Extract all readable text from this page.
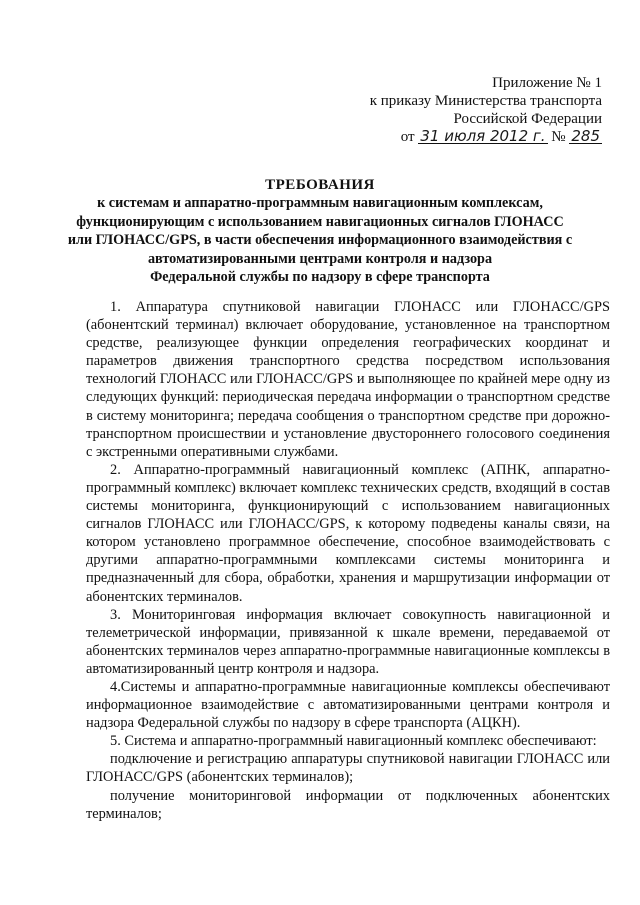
Приложение № 1
к приказу Министерства транспорта
Российской Федерации
от 31 июля 2012 г. № 285
ТРЕБОВАНИЯ
к системам и аппаратно-программным навигационным комплексам,
функционирующим с использованием навигационных сигналов ГЛОНАСС
или ГЛОНАСС/GPS, в части обеспечения информационного взаимодействия с
автоматизированными центрами контроля и надзора
Федеральной службы по надзору в сфере транспорта

1. Аппаратура спутниковой навигации ГЛОНАСС или ГЛОНАСС/GPS (абонентский терминал) включает оборудование, установленное на транспортном средстве, реализующее функции определения географических координат и параметров движения транспортного средства посредством использования технологий ГЛОНАСС или ГЛОНАСС/GPS и выполняющее по крайней мере одну из следующих функций: периодическая передача информации о транспортном средстве в систему мониторинга; передача сообщения о транспортном средстве при дорожно-транспортном происшествии и установление двустороннего голосового соединения с экстренными оперативными службами.

2. Аппаратно-программный навигационный комплекс (АПНК, аппаратно-программный комплекс) включает комплекс технических средств, входящий в состав системы мониторинга, функционирующий с использованием навигационных сигналов ГЛОНАСС или ГЛОНАСС/GPS, к которому подведены каналы связи, на котором установлено программное обеспечение, способное взаимодействовать с другими аппаратно-программными комплексами системы мониторинга и предназначенный для сбора, обработки, хранения и маршрутизации информации от абонентских терминалов.

3. Мониторинговая информация включает совокупность навигационной и телеметрической информации, привязанной к шкале времени, передаваемой от абонентских терминалов через аппаратно-программные навигационные комплексы в автоматизированный центр контроля и надзора.

4.Системы и аппаратно-программные навигационные комплексы обеспечивают информационное взаимодействие с автоматизированными центрами контроля и надзора Федеральной службы по надзору в сфере транспорта (АЦКН).

5. Система и аппаратно-программный навигационный комплекс обеспечивают:

подключение и регистрацию аппаратуры спутниковой навигации ГЛОНАСС или ГЛОНАСС/GPS (абонентских терминалов);

получение мониторинговой информации от подключенных абонентских терминалов;
